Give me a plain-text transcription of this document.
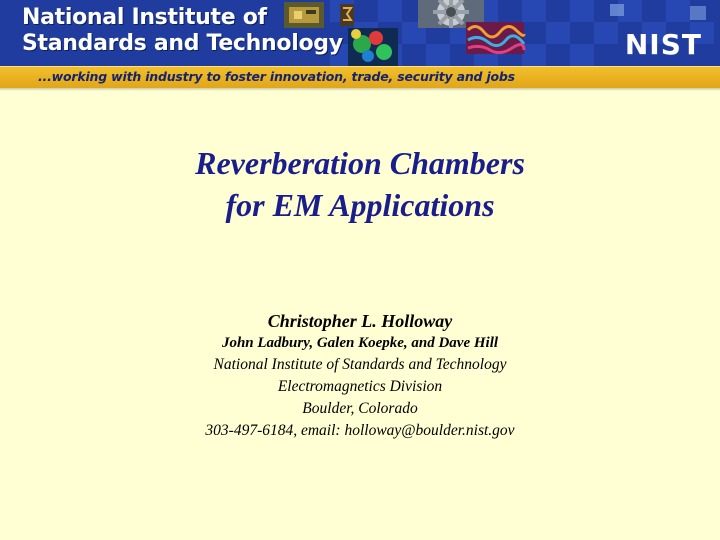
National Institute of
Standards and Technology	NIST
...working with industry to foster innovation, trade, security and jobs
Reverberation Chambers
for EM Applications
Christopher L. Holloway
John Ladbury, Galen Koepke, and Dave Hill
National Institute of Standards and Technology
Electromagnetics Division
Boulder, Colorado
303-497-6184, email: holloway@boulder.nist.gov
